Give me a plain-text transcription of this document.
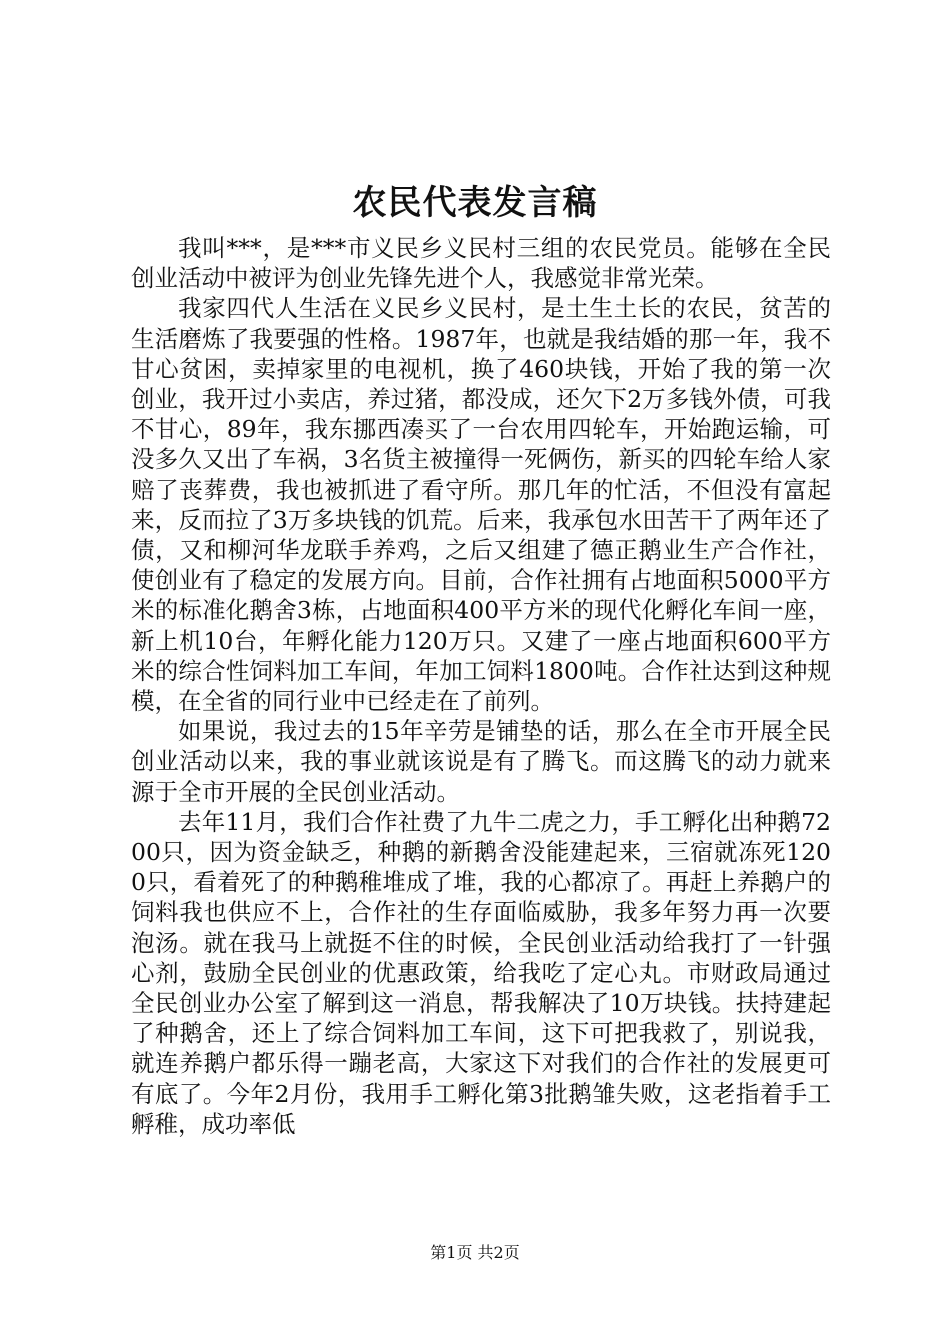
农民代表发言稿

我叫***，是***市义民乡义民村三组的农民党员。能够在全民创业活动中被评为创业先锋先进个人，我感觉非常光荣。

我家四代人生活在义民乡义民村，是土生土长的农民，贫苦的生活磨炼了我要强的性格。1987年，也就是我结婚的那一年，我不甘心贫困，卖掉家里的电视机，换了460块钱，开始了我的第一次创业，我开过小卖店，养过猪，都没成，还欠下2万多钱外债，可我不甘心，89年，我东挪西凑买了一台农用四轮车，开始跑运输，可没多久又出了车祸，3名货主被撞得一死俩伤，新买的四轮车给人家赔了丧葬费，我也被抓进了看守所。那几年的忙活，不但没有富起来，反而拉了3万多块钱的饥荒。后来，我承包水田苦干了两年还了债，又和柳河华龙联手养鸡，之后又组建了德正鹅业生产合作社，使创业有了稳定的发展方向。目前，合作社拥有占地面积5000平方米的标准化鹅舍3栋，占地面积400平方米的现代化孵化车间一座，新上机10台，年孵化能力120万只。又建了一座占地面积600平方米的综合性饲料加工车间，年加工饲料1800吨。合作社达到这种规模，在全省的同行业中已经走在了前列。

如果说，我过去的15年辛劳是铺垫的话，那么在全市开展全民创业活动以来，我的事业就该说是有了腾飞。而这腾飞的动力就来源于全市开展的全民创业活动。

去年11月，我们合作社费了九牛二虎之力，手工孵化出种鹅7200只，因为资金缺乏，种鹅的新鹅舍没能建起来，三宿就冻死1200只，看着死了的种鹅稚堆成了堆，我的心都凉了。再赶上养鹅户的饲料我也供应不上，合作社的生存面临威胁，我多年努力再一次要泡汤。就在我马上就挺不住的时候，全民创业活动给我打了一针强心剂，鼓励全民创业的优惠政策，给我吃了定心丸。市财政局通过全民创业办公室了解到这一消息，帮我解决了10万块钱。扶持建起了种鹅舍，还上了综合饲料加工车间，这下可把我救了，别说我，就连养鹅户都乐得一蹦老高，大家这下对我们的合作社的发展更可有底了。今年2月份，我用手工孵化第3批鹅雏失败，这老指着手工孵稚，成功率低

第1页 共2页
